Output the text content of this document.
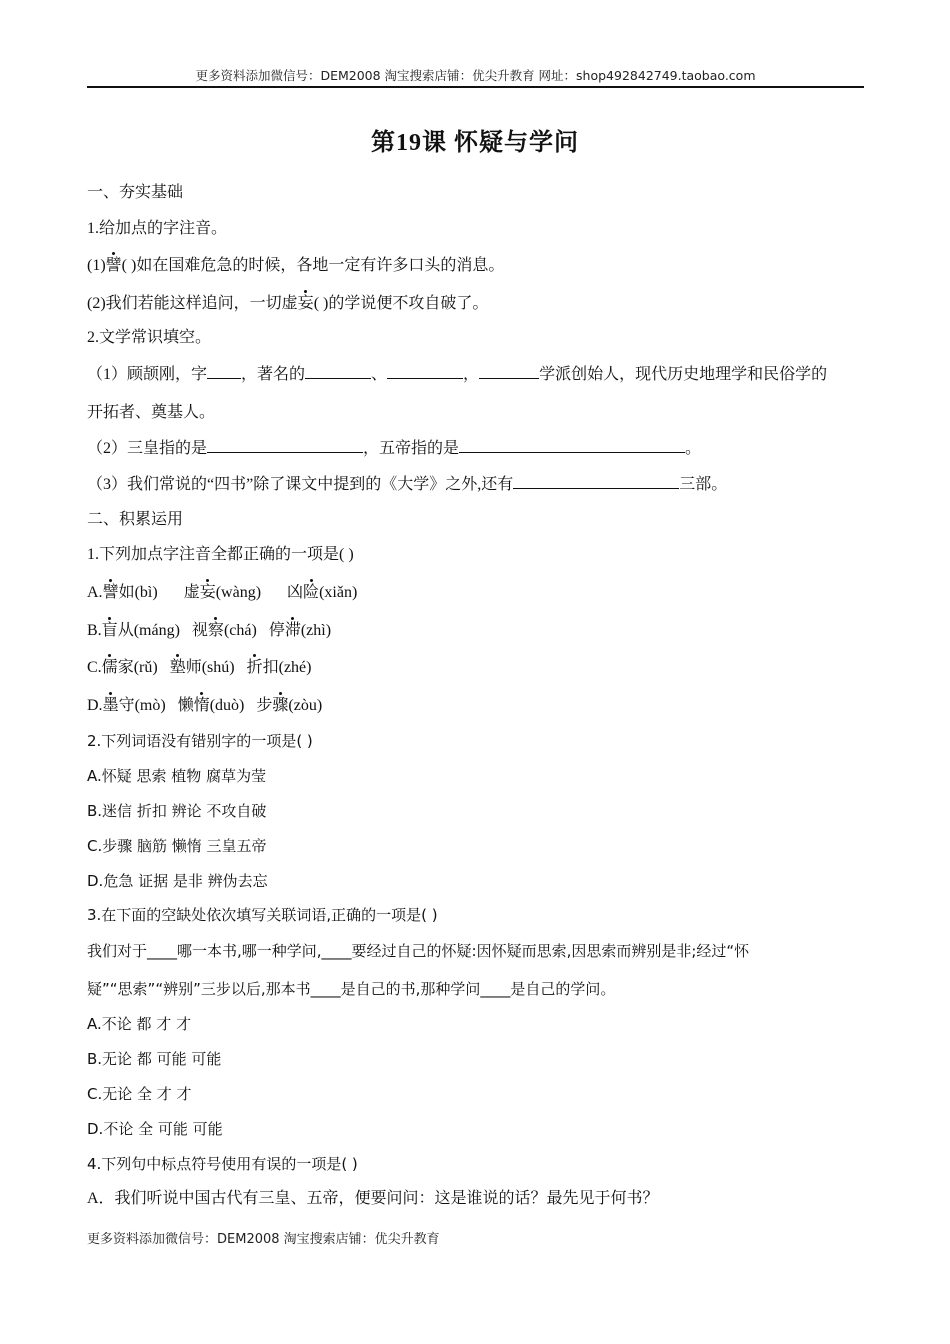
更多资料添加微信号：DEM2008 淘宝搜索店铺：优尖升教育 网址：shop492842749.taobao.com
第19课 怀疑与学问
一、夯实基础
1.给加点的字注音。
(1)譬( )如在国难危急的时候，各地一定有许多口头的消息。
(2)我们若能这样追问，一切虚妄( )的学说便不攻自破了。
2.文学常识填空。
（1）顾颉刚，字 ，著名的	、	，	学派创始人，现代历史地理学和民俗学的
开拓者、奠基人。
（2）三皇指的是	，五帝指的是	。
（3）我们常说的“四书”除了课文中提到的《大学》之外,还有	三部。
二、积累运用
1.下列加点字注音全都正确的一项是( )
A.譬如(bì) 虚妄(wàng) 凶险(xiǎn)
B.盲从(máng) 视察(chá) 停滞(zhì)
C.儒家(rǔ) 塾师(shú) 折扣(zhé)
D.墨守(mò) 懒惰(duò) 步骤(zòu)
2.下列词语没有错别字的一项是( )
A.怀疑 思索 植物 腐草为莹
B.迷信 折扣 辨论 不攻自破
C.步骤 脑筋 懒惰 三皇五帝
D.危急 证据 是非 辨伪去忘
3.在下面的空缺处依次填写关联词语,正确的一项是( )
我们对于____哪一本书,哪一种学问,____要经过自己的怀疑:因怀疑而思索,因思索而辨别是非;经过“怀
疑”“思索”“辨别”三步以后,那本书____是自己的书,那种学问____是自己的学问。
A.不论 都 才 才
B.无论 都 可能 可能
C.无论 全 才 才
D.不论 全 可能 可能
4.下列句中标点符号使用有误的一项是( )
A．我们听说中国古代有三皇、五帝，便要问问：这是谁说的话？最先见于何书？
更多资料添加微信号：DEM2008 淘宝搜索店铺：优尖升教育
